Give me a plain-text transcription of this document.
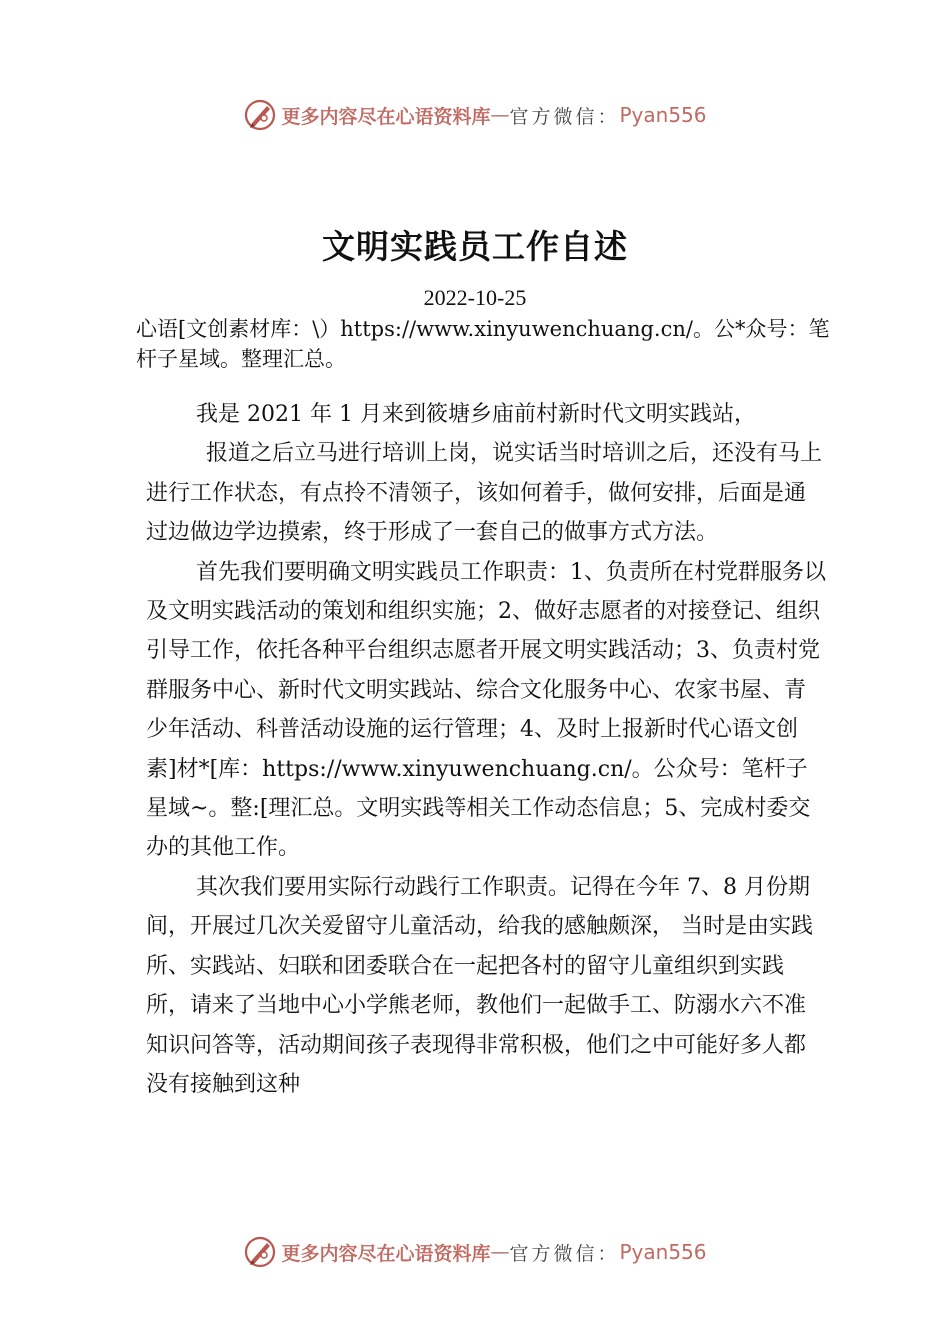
更多内容尽在心语资料库 — 官方微信： Pyan556
文明实践员工作自述
2022-10-25
心语[文创素材库：\）https://www.xinyuwenchuang.cn/。公*众号：笔杆子星域。整理汇总。

我是 2021 年 1 月来到筱塘乡庙前村新时代文明实践站，

报道之后立马进行培训上岗，说实话当时培训之后，还没有马上进行工作状态，有点拎不清领子，该如何着手，做何安排，后面是通过边做边学边摸索，终于形成了一套自己的做事方式方法。

首先我们要明确文明实践员工作职责：1、负责所在村党群服务以及文明实践活动的策划和组织实施；2、做好志愿者的对接登记、组织引导工作，依托各种平台组织志愿者开展文明实践活动；3、负责村党群服务中心、新时代文明实践站、综合文化服务中心、农家书屋、青少年活动、科普活动设施的运行管理；4、及时上报新时代心语文创素]材*[库：https://www.xinyuwenchuang.cn/。公众号：笔杆子星域~。整:[理汇总。文明实践等相关工作动态信息；5、完成村委交办的其他工作。

其次我们要用实际行动践行工作职责。记得在今年 7、8 月份期间，开展过几次关爱留守儿童活动，给我的感触颇深， 当时是由实践所、实践站、妇联和团委联合在一起把各村的留守儿童组织到实践所，请来了当地中心小学熊老师，教他们一起做手工、防溺水六不准知识问答等，活动期间孩子表现得非常积极，他们之中可能好多人都没有接触到这种

更多内容尽在心语资料库 — 官方微信： Pyan556
